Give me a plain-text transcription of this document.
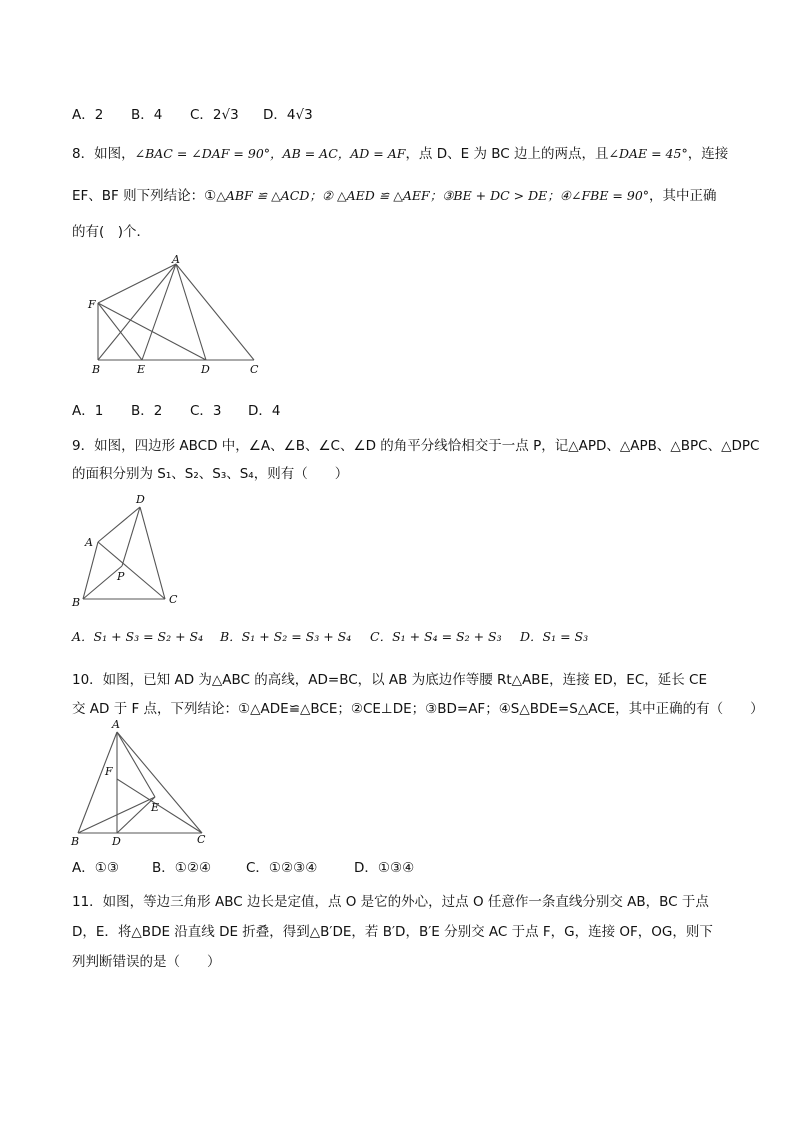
A．2 B．4 C．2√3 D．4√3
8．如图，∠BAC = ∠DAF = 90°，AB = AC，AD = AF，点 D、E 为 BC 边上的两点，且∠DAE = 45°，连接
EF、BF 则下列结论：①△ABF ≌ △ACD；② △AED ≌ △AEF；③BE + DC > DE；④∠FBE = 90°，其中正确
的有(　)个．
A
F
B	E	D	C
A．1 B．2 C．3 D．4
9．如图，四边形 ABCD 中，∠A、∠B、∠C、∠D 的角平分线恰相交于一点 P，记△APD、△APB、△BPC、△DPC
的面积分别为 S₁、S₂、S₃、S₄，则有（　　）
D
A
P
B	C
A．S₁ + S₃ = S₂ + S₄ B．S₁ + S₂ = S₃ + S₄ C．S₁ + S₄ = S₂ + S₃ D．S₁ = S₃
10．如图，已知 AD 为△ABC 的高线，AD=BC，以 AB 为底边作等腰 Rt△ABE，连接 ED，EC，延长 CE
交 AD 于 F 点，下列结论：①△ADE≌△BCE；②CE⊥DE；③BD=AF；④S△BDE=S△ACE，其中正确的有（　　）
A
F
E
B	D	C
A．①③ B．①②④	C．①②③④	D．①③④
11．如图，等边三角形 ABC 边长是定值，点 O 是它的外心，过点 O 任意作一条直线分别交 AB，BC 于点
D，E．将△BDE 沿直线 DE 折叠，得到△B′DE，若 B′D，B′E 分别交 AC 于点 F，G，连接 OF，OG，则下
列判断错误的是（　　）
